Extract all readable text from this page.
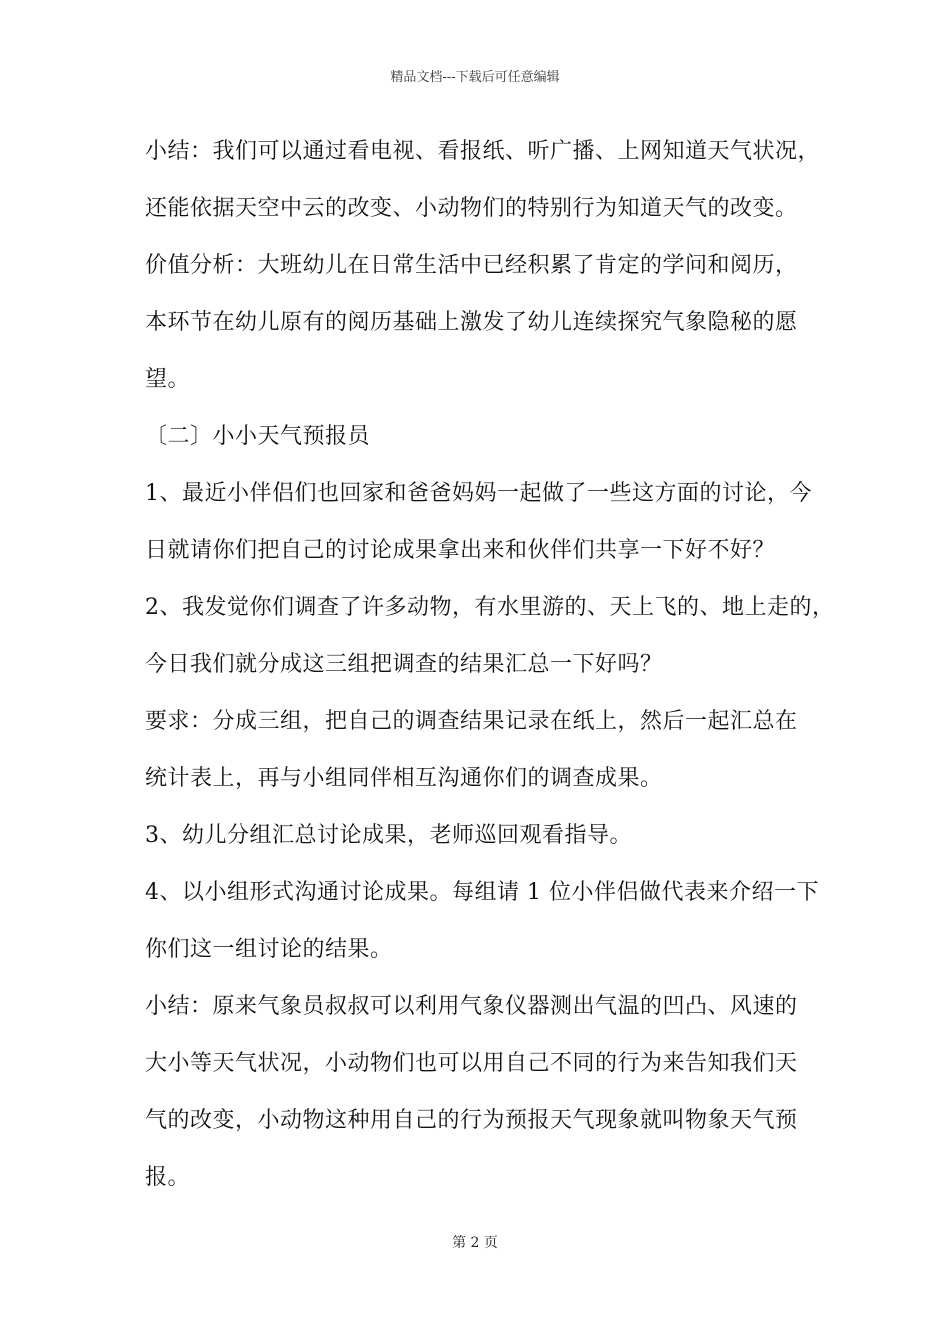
精品文档---下载后可任意编辑
小结：我们可以通过看电视、看报纸、听广播、上网知道天气状况，
还能依据天空中云的改变、小动物们的特别行为知道天气的改变。
价值分析：大班幼儿在日常生活中已经积累了肯定的学问和阅历，
本环节在幼儿原有的阅历基础上激发了幼儿连续探究气象隐秘的愿
望。
〔二〕小小天气预报员
1、最近小伴侣们也回家和爸爸妈妈一起做了一些这方面的讨论，今
日就请你们把自己的讨论成果拿出来和伙伴们共享一下好不好？
2、我发觉你们调查了许多动物，有水里游的、天上飞的、地上走的，
今日我们就分成这三组把调查的结果汇总一下好吗？
要求：分成三组，把自己的调查结果记录在纸上，然后一起汇总在
统计表上，再与小组同伴相互沟通你们的调查成果。
3、幼儿分组汇总讨论成果，老师巡回观看指导。
4、以小组形式沟通讨论成果。每组请 1 位小伴侣做代表来介绍一下
你们这一组讨论的结果。
小结：原来气象员叔叔可以利用气象仪器测出气温的凹凸、风速的
大小等天气状况，小动物们也可以用自己不同的行为来告知我们天
气的改变，小动物这种用自己的行为预报天气现象就叫物象天气预
报。
第 2 页
